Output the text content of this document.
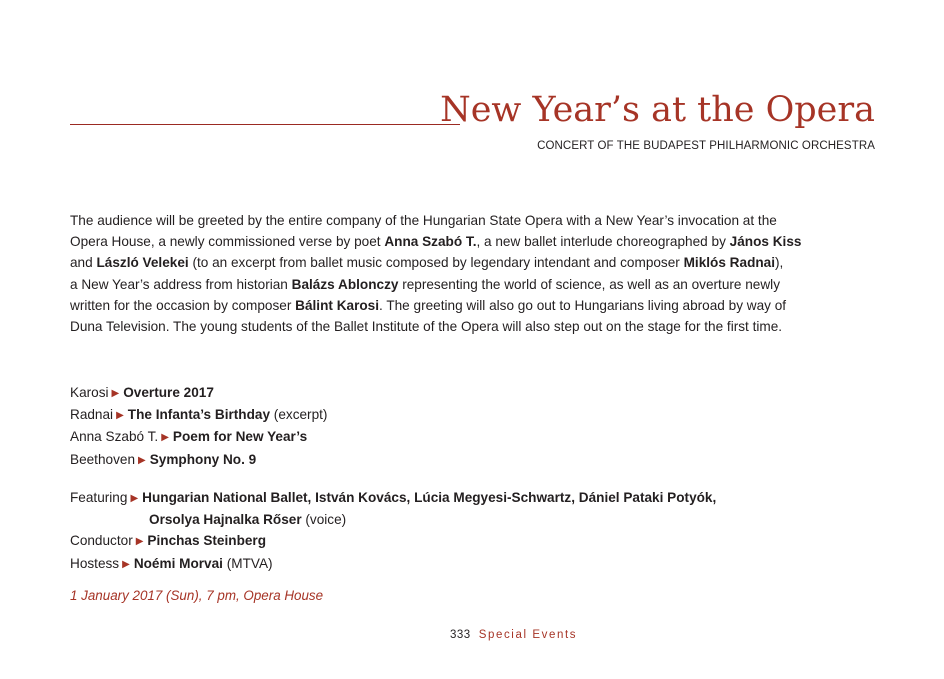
New Year’s at the Opera

CONCERT OF THE BUDAPEST PHILHARMONIC ORCHESTRA

The audience will be greeted by the entire company of the Hungarian State Opera with a New Year’s invocation at the
Opera House, a newly commissioned verse by poet Anna Szabó T., a new ballet interlude choreographed by János Kiss
and László Velekei (to an excerpt from ballet music composed by legendary intendant and composer Miklós Radnai),
a New Year’s address from historian Balázs Ablonczy representing the world of science, as well as an overture newly
written for the occasion by composer Bálint Karosi. The greeting will also go out to Hungarians living abroad by way of
Duna Television. The young students of the Ballet Institute of the Opera will also step out on the stage for the first time.

Karosi ▶ Overture 2017
Radnai ▶ The Infanta’s Birthday (excerpt)
Anna Szabó T. ▶ Poem for New Year’s
Beethoven ▶ Symphony No. 9
Featuring ▶ Hungarian National Ballet, István Kovács, Lúcia Megyesi-Schwartz, Dániel Pataki Potyók,
Orsolya Hajnalka Rőser (voice)
Conductor ▶ Pinchas Steinberg
Hostess ▶ Noémi Morvai (MTVA)

1 January 2017 (Sun), 7 pm, Opera House

333 Special Events
